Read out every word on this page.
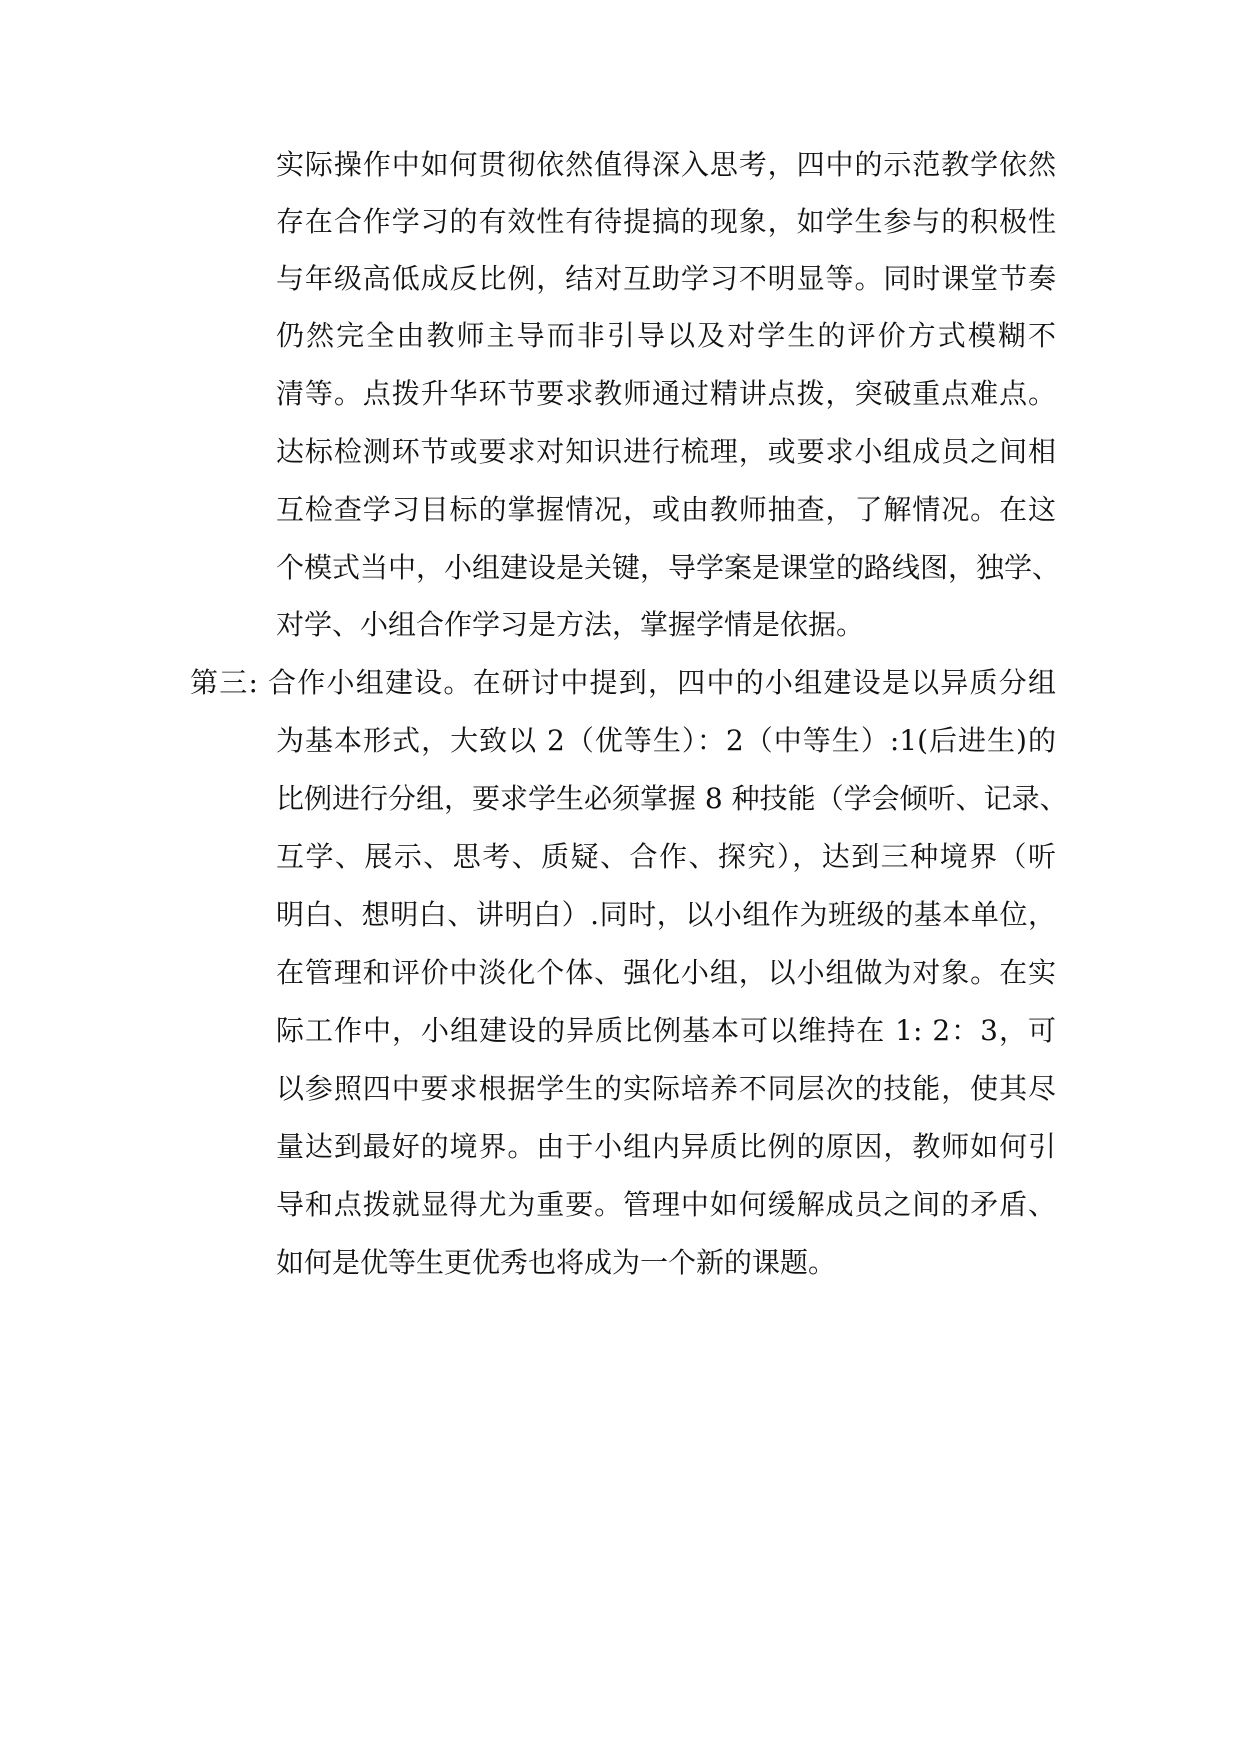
实际操作中如何贯彻依然值得深入思考，四中的示范教学依然
存在合作学习的有效性有待提搞的现象，如学生参与的积极性
与年级高低成反比例，结对互助学习不明显等。同时课堂节奏
仍然完全由教师主导而非引导以及对学生的评价方式模糊不
清等。点拨升华环节要求教师通过精讲点拨，突破重点难点。
达标检测环节或要求对知识进行梳理，或要求小组成员之间相
互检查学习目标的掌握情况，或由教师抽查，了解情况。在这
个模式当中，小组建设是关键，导学案是课堂的路线图，独学、
对学、小组合作学习是方法，掌握学情是依据。
第三: 合作小组建设。在研讨中提到，四中的小组建设是以异质分组
为基本形式，大致以 2（优等生）：2（中等生）:1(后进生)的
比例进行分组，要求学生必须掌握 8 种技能（学会倾听、记录、
互学、展示、思考、质疑、合作、探究），达到三种境界（听
明白、想明白、讲明白）.同时，以小组作为班级的基本单位，
在管理和评价中淡化个体、强化小组，以小组做为对象。在实
际工作中，小组建设的异质比例基本可以维持在 1: 2：3，可
以参照四中要求根据学生的实际培养不同层次的技能，使其尽
量达到最好的境界。由于小组内异质比例的原因，教师如何引
导和点拨就显得尤为重要。管理中如何缓解成员之间的矛盾、
如何是优等生更优秀也将成为一个新的课题。
